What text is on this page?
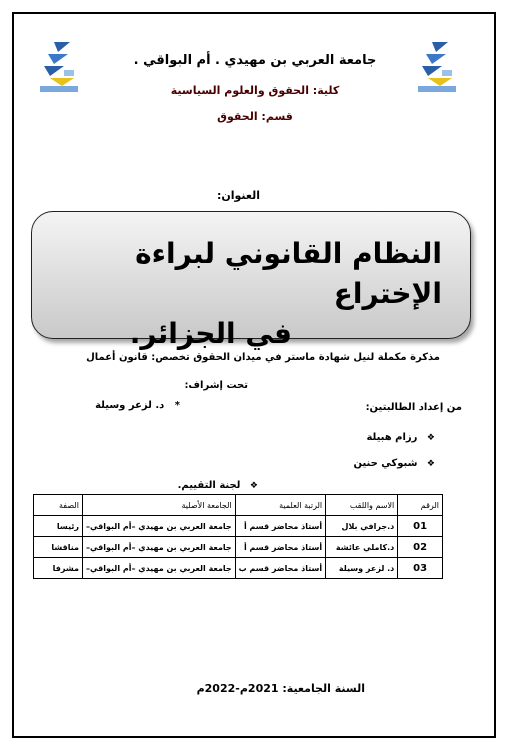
جامعة العربي بن مهيدي . أم البواقي .
كلية: الحقوق والعلوم السياسية
قسم: الحقوق
العنوان:
النظام القانوني لبراءة الإختراع
في الجزائر.
مذكرة مكملة لنيل شهادة ماستر في ميدان الحقوق تخصص: قانون أعمال
تحت إشراف:
من إعداد الطالبتين:
*   د. لزعر وسيلة
❖ رزام هبيلة
❖ شبوكي حنين
❖ لجنة التقييم.
الرقم	الاسم واللقب	الرتبة العلمية	الجامعة الأصلية	الصفة
01	د.جرافي بلال	أستاذ محاضر قسم أ	جامعة العربي بن مهيدي –أم البواقي–	رئيسا
02	د.كاملي عائشة	أستاذ محاضر قسم أ	جامعة العربي بن مهيدي –أم البواقي–	مناقشا
03	د. لزعر وسيلة	أستاذ محاضر قسم ب	جامعة العربي بن مهيدي –أم البواقي–	مشرفا
السنة الجامعية: 2021م-2022م
